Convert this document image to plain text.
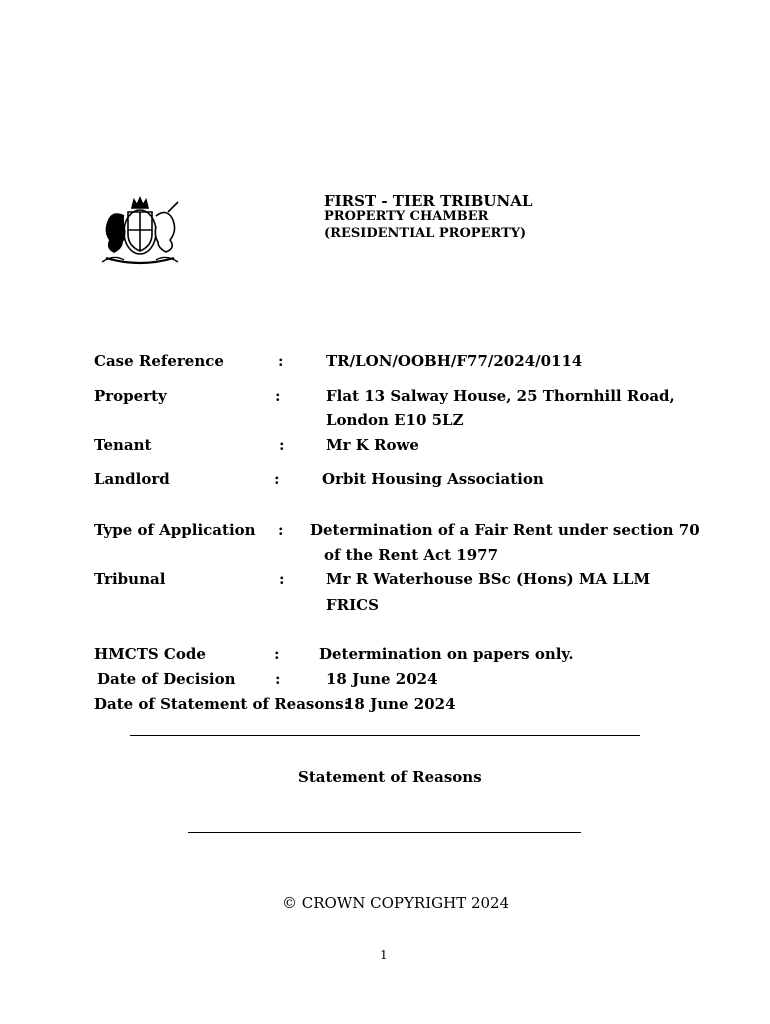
FIRST - TIER TRIBUNAL
PROPERTY CHAMBER
(RESIDENTIAL PROPERTY)
Case Reference	:	TR/LON/OOBH/F77/2024/0114
Property	:	Flat 13 Salway House, 25 Thornhill Road,
London E10 5LZ
Tenant	:	Mr K Rowe
Landlord	:	Orbit Housing Association
Type of Application : Determination of a Fair Rent under section 70
of the Rent Act 1977
Tribunal	:	Mr R Waterhouse BSc (Hons) MA LLM
FRICS
HMCTS Code	:	Determination on papers only.
Date of Decision	:	18 June 2024
Date of Statement of Reasons:
18 June 2024
Statement of Reasons
© CROWN COPYRIGHT 2024
1
